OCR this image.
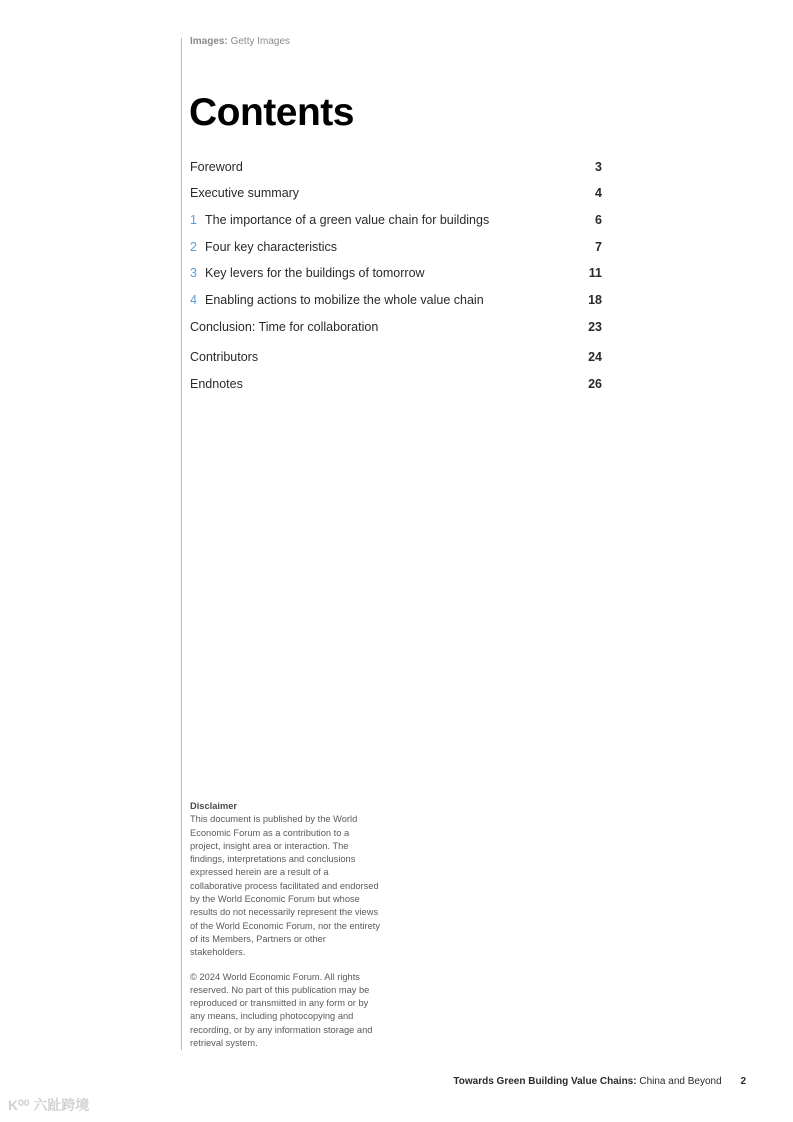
Images: Getty Images
Contents
Foreword	3
Executive summary	4
1 The importance of a green value chain for buildings	6
2 Four key characteristics	7
3 Key levers for the buildings of tomorrow	11
4 Enabling actions to mobilize the whole value chain	18
Conclusion: Time for collaboration	23
Contributors	24
Endnotes	26
Disclaimer
This document is published by the World Economic Forum as a contribution to a project, insight area or interaction. The findings, interpretations and conclusions expressed herein are a result of a collaborative process facilitated and endorsed by the World Economic Forum but whose results do not necessarily represent the views of the World Economic Forum, nor the entirety of its Members, Partners or other stakeholders.
© 2024 World Economic Forum. All rights reserved. No part of this publication may be reproduced or transmitted in any form or by any means, including photocopying and recording, or by any information storage and retrieval system.
Towards Green Building Value Chains: China and Beyond 2
K⁰⁰ 六趾跨境
